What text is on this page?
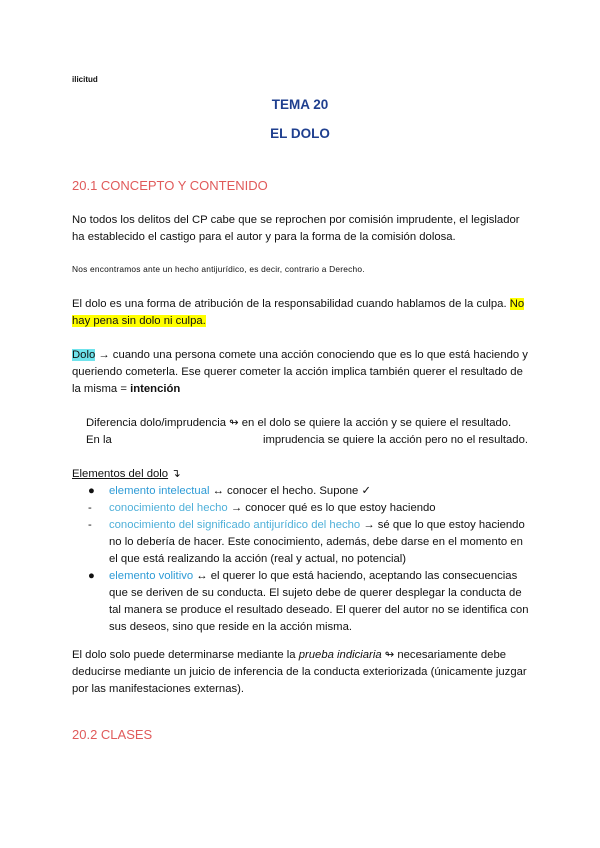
ilicitud
TEMA 20
EL DOLO
20.1 CONCEPTO Y CONTENIDO
No todos los delitos del CP cabe que se reprochen por comisión imprudente, el legislador ha establecido el castigo para el autor y para la forma de la comisión dolosa.
Nos encontramos ante un hecho antijurídico, es decir, contrario a Derecho.
El dolo es una forma de atribución de la responsabilidad cuando hablamos de la culpa. No hay pena sin dolo ni culpa.
Dolo → cuando una persona comete una acción conociendo que es lo que está haciendo y queriendo cometerla. Ese querer cometer la acción implica también querer el resultado de la misma = intención
Diferencia dolo/imprudencia ↬ en el dolo se quiere la acción y se quiere el resultado. En la	imprudencia se quiere la acción pero no el resultado.
Elementos del dolo ↴
● elemento intelectual ↔ conocer el hecho. Supone ✓
- conocimiento del hecho → conocer qué es lo que estoy haciendo
- conocimiento del significado antijurídico del hecho → sé que lo que estoy haciendo no lo debería de hacer. Este conocimiento, además, debe darse en el momento en el que está realizando la acción (real y actual, no potencial)
● elemento volitivo ↔ el querer lo que está haciendo, aceptando las consecuencias que se deriven de su conducta. El sujeto debe de querer desplegar la conducta de tal manera se produce el resultado deseado. El querer del autor no se identifica con sus deseos, sino que reside en la acción misma.
El dolo solo puede determinarse mediante la prueba indiciaria ↬ necesariamente debe deducirse mediante un juicio de inferencia de la conducta exteriorizada (únicamente juzgar por las manifestaciones externas).
20.2 CLASES
